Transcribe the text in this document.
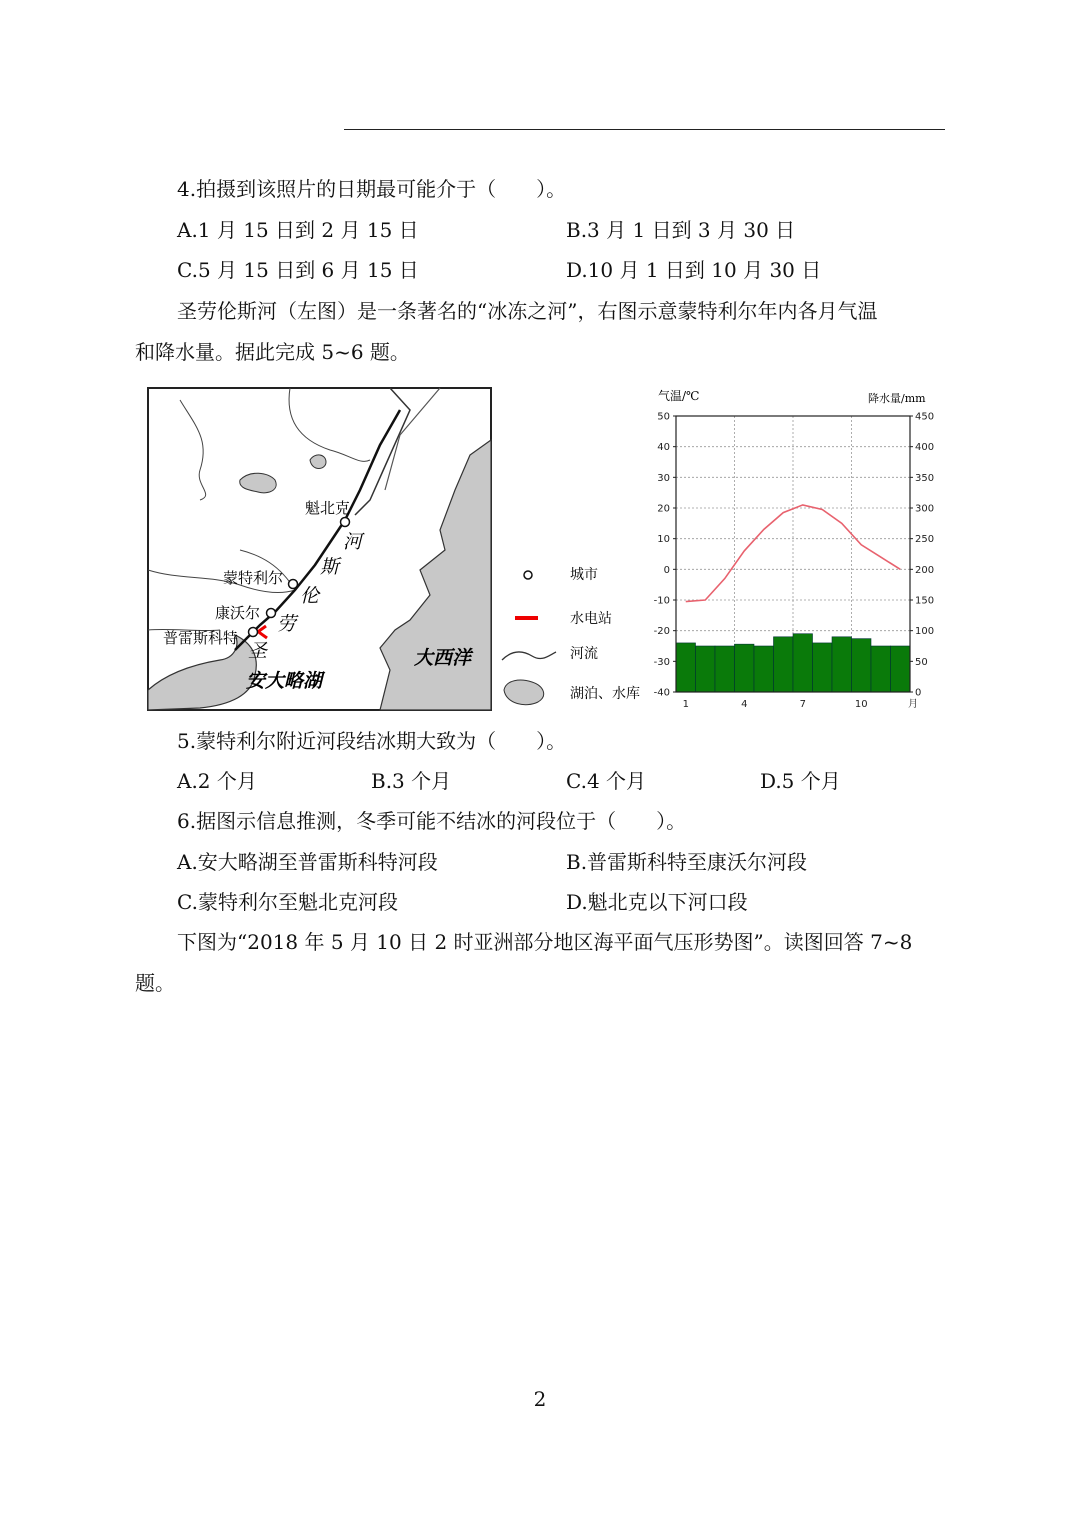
4.拍摄到该照片的日期最可能介于（　　）。
A.1 月 15 日到 2 月 15 日	B.3 月 1 日到 3 月 30 日
C.5 月 15 日到 6 月 15 日	D.10 月 1 日到 10 月 30 日
圣劳伦斯河（左图）是一条著名的“冰冻之河”，右图示意蒙特利尔年内各月气温
和降水量。据此完成 5~6 题。
魁北克
蒙特利尔
康沃尔
普雷斯科特
河
斯
伦
劳
圣
安大略湖
大西洋
城市
水电站
河流
湖泊、水库
气温/℃	降水量/mm
50
40
30
20
10
0
-10
-20
-30
-40
450
400
350
300
250
200
150
100
50
0
1	4	7	10	月
5.蒙特利尔附近河段结冰期大致为（　　）。
A.2 个月	B.3 个月	C.4 个月	D.5 个月
6.据图示信息推测，冬季可能不结冰的河段位于（　　）。
A.安大略湖至普雷斯科特河段	B.普雷斯科特至康沃尔河段
C.蒙特利尔至魁北克河段	D.魁北克以下河口段
下图为“2018 年 5 月 10 日 2 时亚洲部分地区海平面气压形势图”。读图回答 7~8
题。
2
